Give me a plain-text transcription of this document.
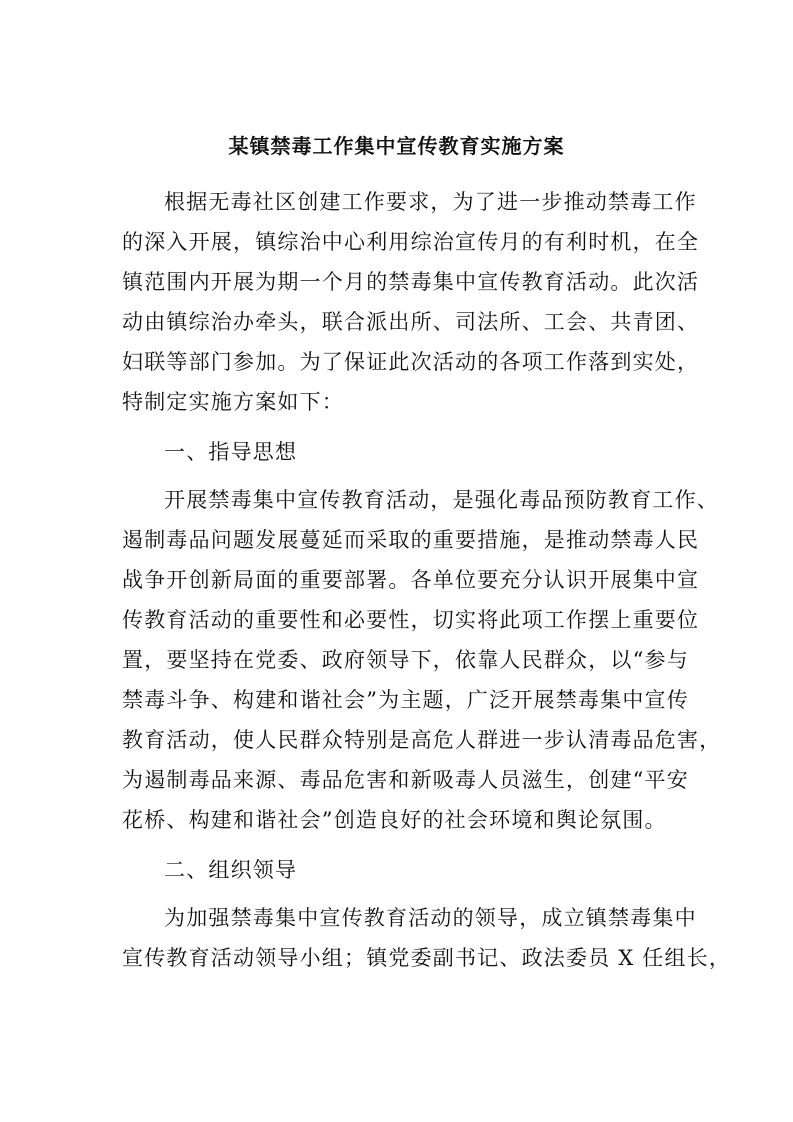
某镇禁毒工作集中宣传教育实施方案
根据无毒社区创建工作要求，为了进一步推动禁毒工作
的深入开展，镇综治中心利用综治宣传月的有利时机，在全
镇范围内开展为期一个月的禁毒集中宣传教育活动。此次活
动由镇综治办牵头，联合派出所、司法所、工会、共青团、
妇联等部门参加。为了保证此次活动的各项工作落到实处，
特制定实施方案如下：
一、指导思想
开展禁毒集中宣传教育活动，是强化毒品预防教育工作、
遏制毒品问题发展蔓延而采取的重要措施，是推动禁毒人民
战争开创新局面的重要部署。各单位要充分认识开展集中宣
传教育活动的重要性和必要性，切实将此项工作摆上重要位
置，要坚持在党委、政府领导下，依靠人民群众，以“参与
禁毒斗争、构建和谐社会”为主题，广泛开展禁毒集中宣传
教育活动，使人民群众特别是高危人群进一步认清毒品危害，
为遏制毒品来源、毒品危害和新吸毒人员滋生，创建“平安
花桥、构建和谐社会”创造良好的社会环境和舆论氛围。
二、组织领导
为加强禁毒集中宣传教育活动的领导，成立镇禁毒集中
宣传教育活动领导小组；镇党委副书记、政法委员 X 任组长，
